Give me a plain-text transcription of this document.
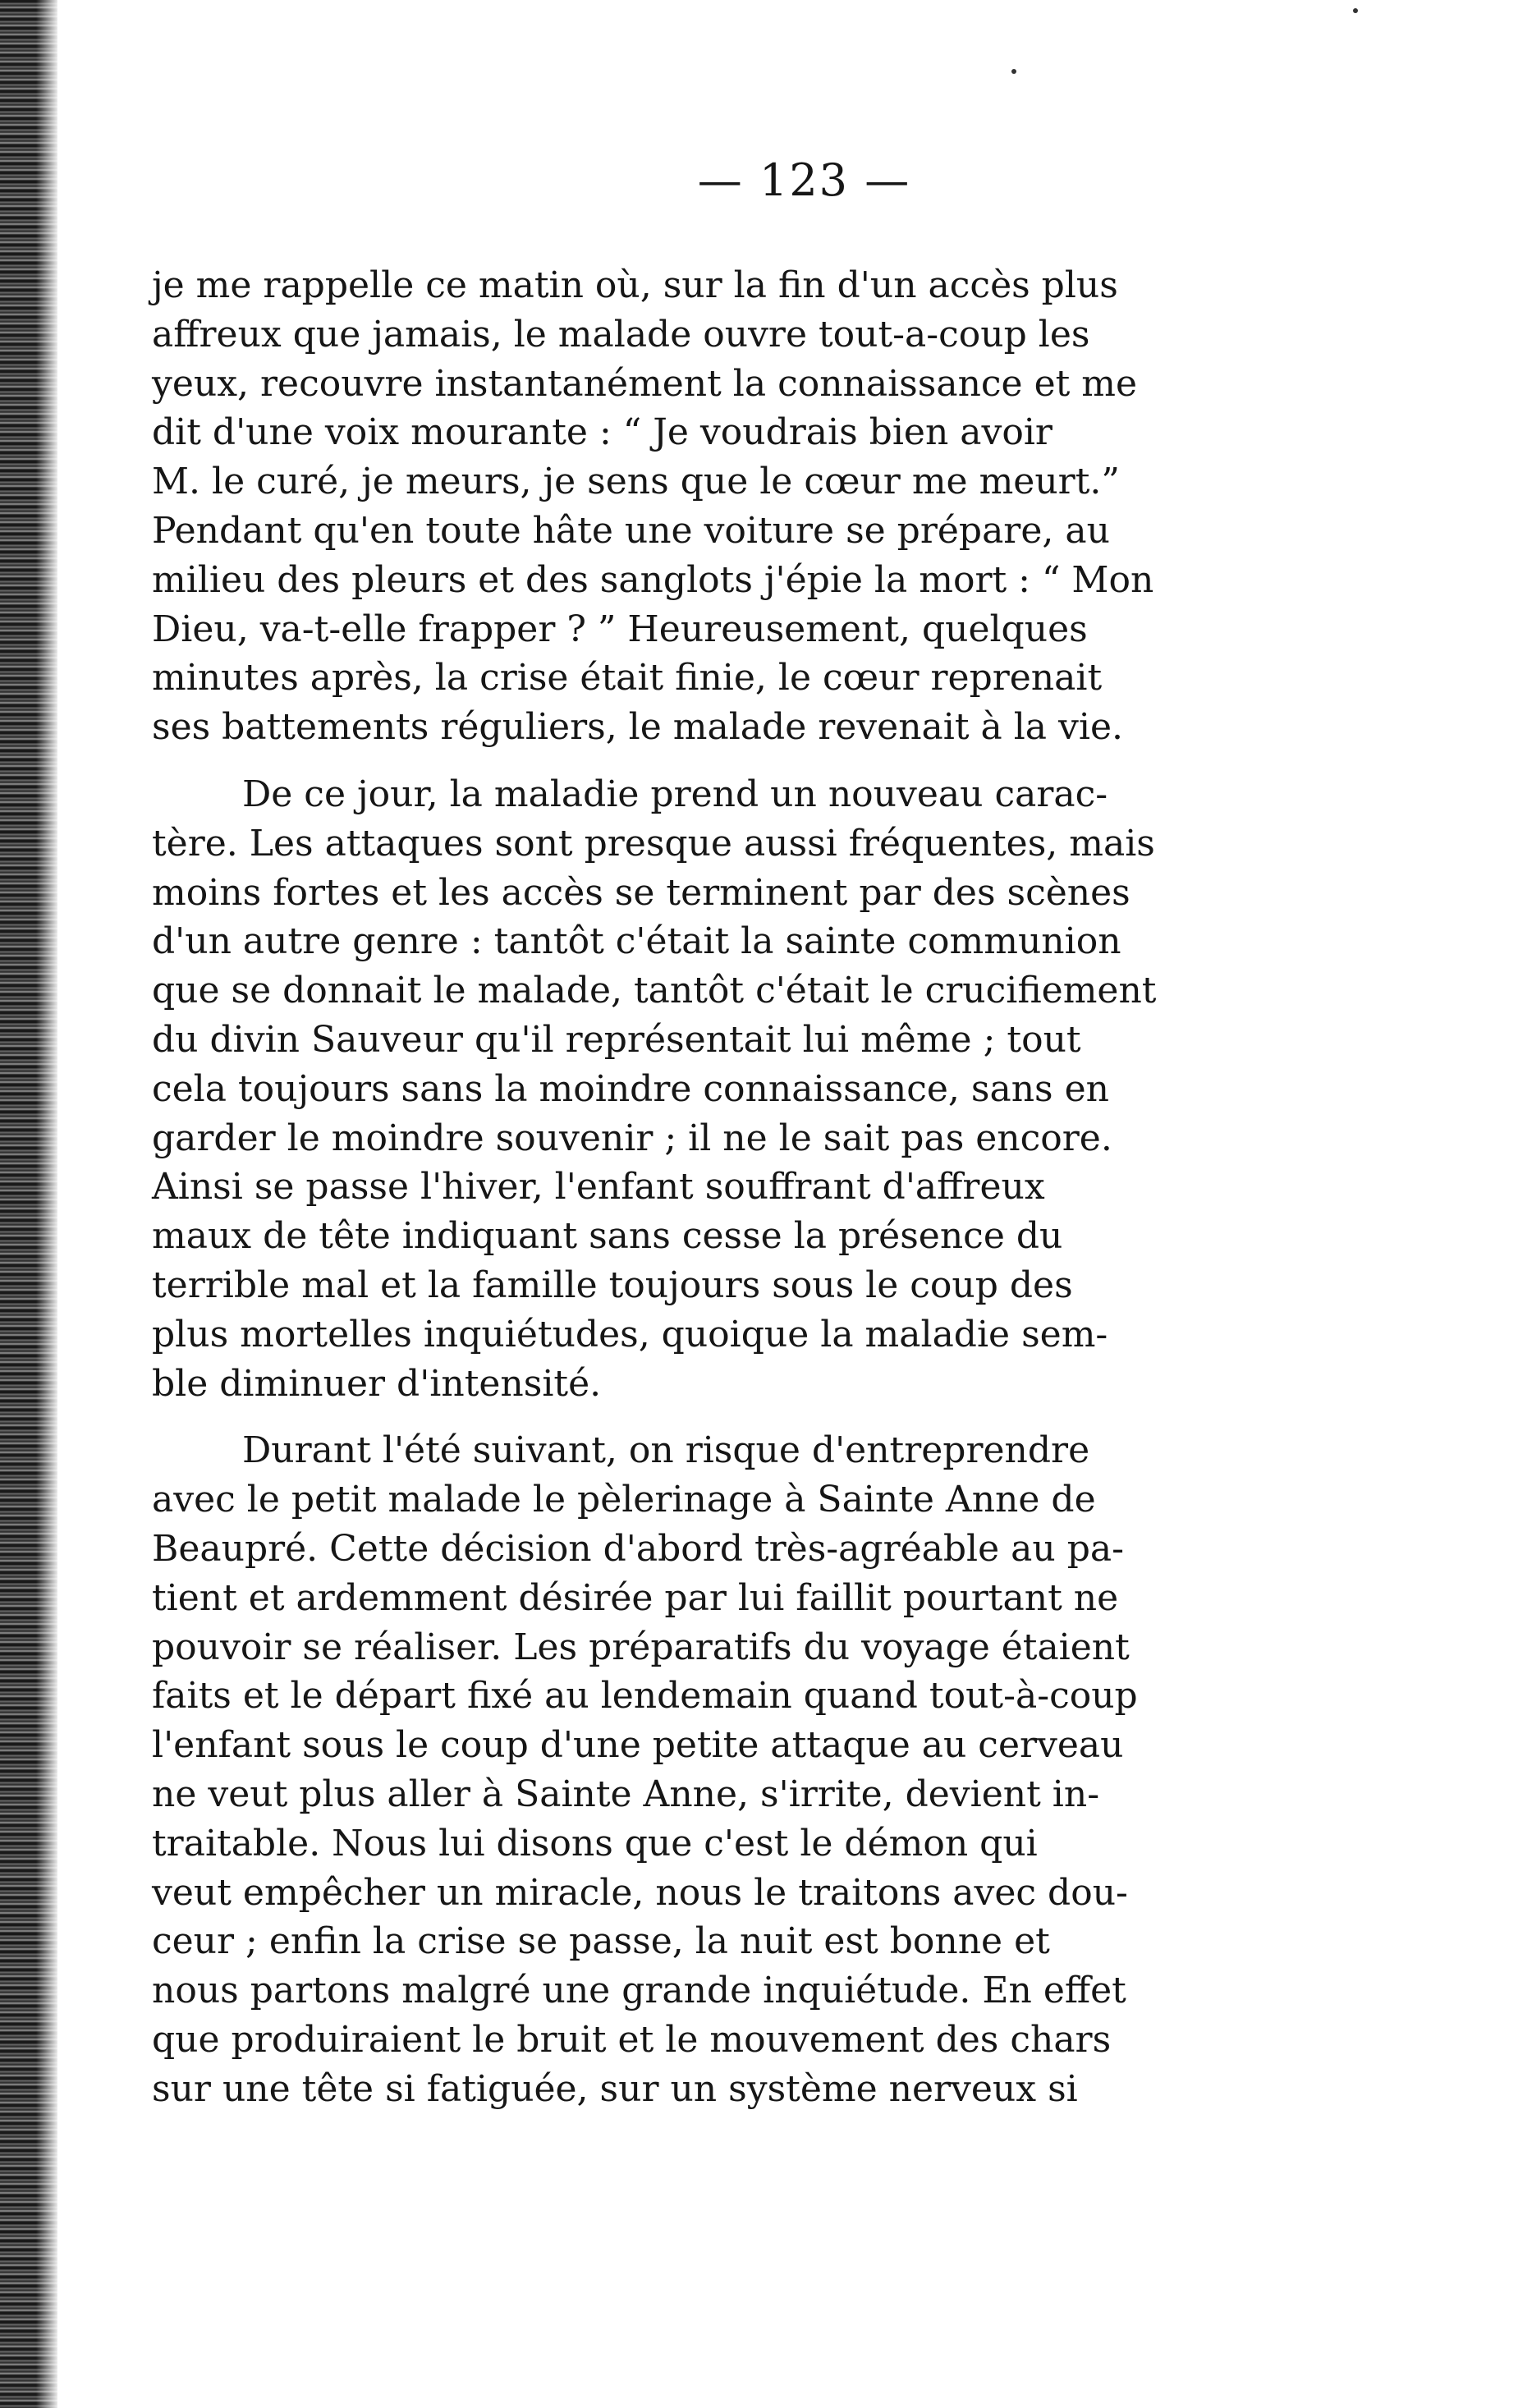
— 123 —
je me rappelle ce matin où, sur la fin d'un accès plus
affreux que jamais, le malade ouvre tout-a-coup les
yeux, recouvre instantanément la connaissance et me
dit d'une voix mourante : “ Je voudrais bien avoir
M. le curé, je meurs, je sens que le cœur me meurt.”
Pendant qu'en toute hâte une voiture se prépare, au
milieu des pleurs et des sanglots j'épie la mort : “ Mon
Dieu, va-t-elle frapper ? ” Heureusement, quelques
minutes après, la crise était finie, le cœur reprenait
ses battements réguliers, le malade revenait à la vie.
De ce jour, la maladie prend un nouveau carac-
tère. Les attaques sont presque aussi fréquentes, mais
moins fortes et les accès se terminent par des scènes
d'un autre genre : tantôt c'était la sainte communion
que se donnait le malade, tantôt c'était le crucifiement
du divin Sauveur qu'il représentait lui même ; tout
cela toujours sans la moindre connaissance, sans en
garder le moindre souvenir ; il ne le sait pas encore.
Ainsi se passe l'hiver, l'enfant souffrant d'affreux
maux de tête indiquant sans cesse la présence du
terrible mal et la famille toujours sous le coup des
plus mortelles inquiétudes, quoique la maladie sem-
ble diminuer d'intensité.
Durant l'été suivant, on risque d'entreprendre
avec le petit malade le pèlerinage à Sainte Anne de
Beaupré. Cette décision d'abord très-agréable au pa-
tient et ardemment désirée par lui faillit pourtant ne
pouvoir se réaliser. Les préparatifs du voyage étaient
faits et le départ fixé au lendemain quand tout-à-coup
l'enfant sous le coup d'une petite attaque au cerveau
ne veut plus aller à Sainte Anne, s'irrite, devient in-
traitable. Nous lui disons que c'est le démon qui
veut empêcher un miracle, nous le traitons avec dou-
ceur ; enfin la crise se passe, la nuit est bonne et
nous partons malgré une grande inquiétude. En effet
que produiraient le bruit et le mouvement des chars
sur une tête si fatiguée, sur un système nerveux si
